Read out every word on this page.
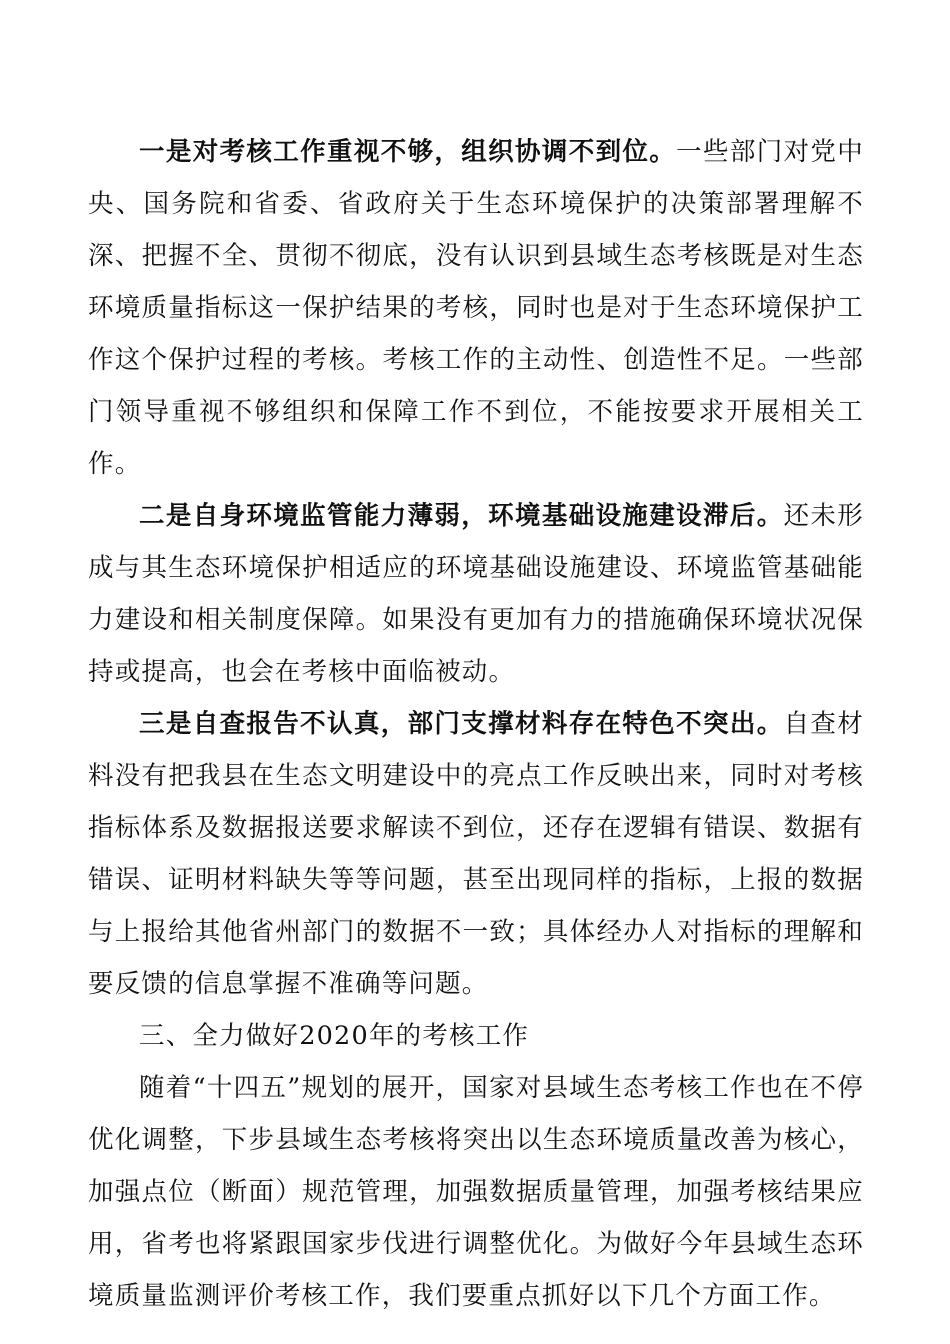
一是对考核工作重视不够，组织协调不到位。一些部门对党中央、国务院和省委、省政府关于生态环境保护的决策部署理解不深、把握不全、贯彻不彻底，没有认识到县域生态考核既是对生态环境质量指标这一保护结果的考核，同时也是对于生态环境保护工作这个保护过程的考核。考核工作的主动性、创造性不足。一些部门领导重视不够组织和保障工作不到位，不能按要求开展相关工作。

二是自身环境监管能力薄弱，环境基础设施建设滞后。还未形成与其生态环境保护相适应的环境基础设施建设、环境监管基础能力建设和相关制度保障。如果没有更加有力的措施确保环境状况保持或提高，也会在考核中面临被动。

三是自查报告不认真，部门支撑材料存在特色不突出。自查材料没有把我县在生态文明建设中的亮点工作反映出来，同时对考核指标体系及数据报送要求解读不到位，还存在逻辑有错误、数据有错误、证明材料缺失等等问题，甚至出现同样的指标，上报的数据与上报给其他省州部门的数据不一致；具体经办人对指标的理解和要反馈的信息掌握不准确等问题。

三、全力做好2020年的考核工作

随着“十四五”规划的展开，国家对县域生态考核工作也在不停优化调整，下步县域生态考核将突出以生态环境质量改善为核心，加强点位（断面）规范管理，加强数据质量管理，加强考核结果应用，省考也将紧跟国家步伐进行调整优化。为做好今年县域生态环境质量监测评价考核工作，我们要重点抓好以下几个方面工作。
